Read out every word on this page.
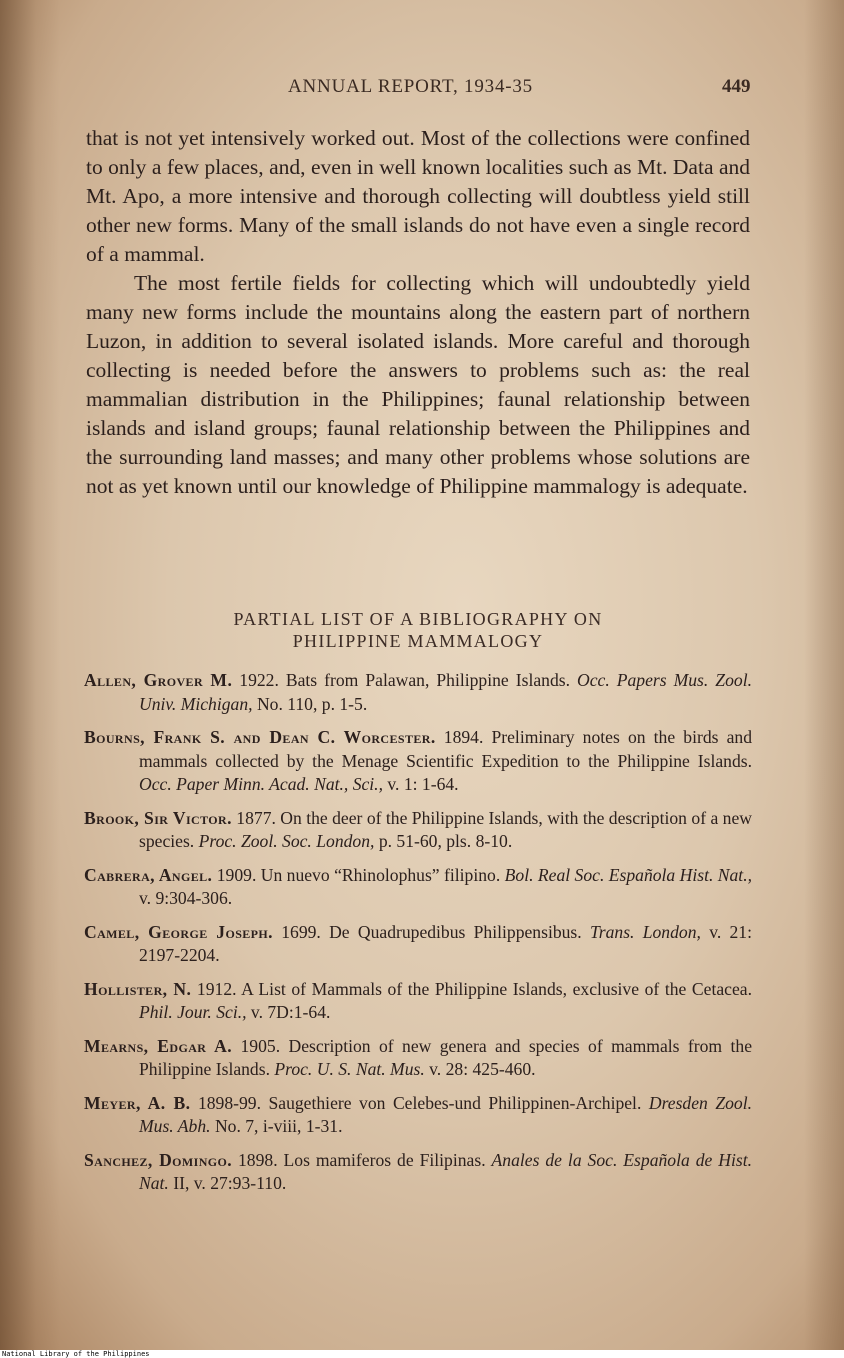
ANNUAL REPORT, 1934-35	449

that is not yet intensively worked out. Most of the collections were confined to only a few places, and, even in well known localities such as Mt. Data and Mt. Apo, a more intensive and thorough collecting will doubtless yield still other new forms. Many of the small islands do not have even a single record of a mammal.

The most fertile fields for collecting which will undoubtedly yield many new forms include the mountains along the eastern part of northern Luzon, in addition to several isolated islands. More careful and thorough collecting is needed before the answers to problems such as: the real mammalian distribution in the Philippines; faunal relationship between islands and island groups; faunal relationship between the Philippines and the surrounding land masses; and many other problems whose solutions are not as yet known until our knowledge of Philippine mammalogy is adequate.

PARTIAL LIST OF A BIBLIOGRAPHY ON
PHILIPPINE MAMMALOGY
Allen, Grover M. 1922. Bats from Palawan, Philippine Islands. Occ. Papers Mus. Zool. Univ. Michigan, No. 110, p. 1-5.
Bourns, Frank S. and Dean C. Worcester. 1894. Preliminary notes on the birds and mammals collected by the Menage Scientific Expedition to the Philippine Islands. Occ. Paper Minn. Acad. Nat., Sci., v. 1: 1-64.
Brook, Sir Victor. 1877. On the deer of the Philippine Islands, with the description of a new species. Proc. Zool. Soc. London, p. 51-60, pls. 8-10.
Cabrera, Angel. 1909. Un nuevo “Rhinolophus” filipino. Bol. Real Soc. Española Hist. Nat., v. 9:304-306.
Camel, George Joseph. 1699. De Quadrupedibus Philippensibus. Trans. London, v. 21: 2197-2204.
Hollister, N. 1912. A List of Mammals of the Philippine Islands, exclusive of the Cetacea. Phil. Jour. Sci., v. 7D:1-64.
Mearns, Edgar A. 1905. Description of new genera and species of mammals from the Philippine Islands. Proc. U. S. Nat. Mus. v. 28: 425-460.
Meyer, A. B. 1898-99. Saugethiere von Celebes-und Philippinen-Archipel. Dresden Zool. Mus. Abh. No. 7, i-viii, 1-31.
Sanchez, Domingo. 1898. Los mamiferos de Filipinas. Anales de la Soc. Española de Hist. Nat. II, v. 27:93-110.
National Library of the Philippines
